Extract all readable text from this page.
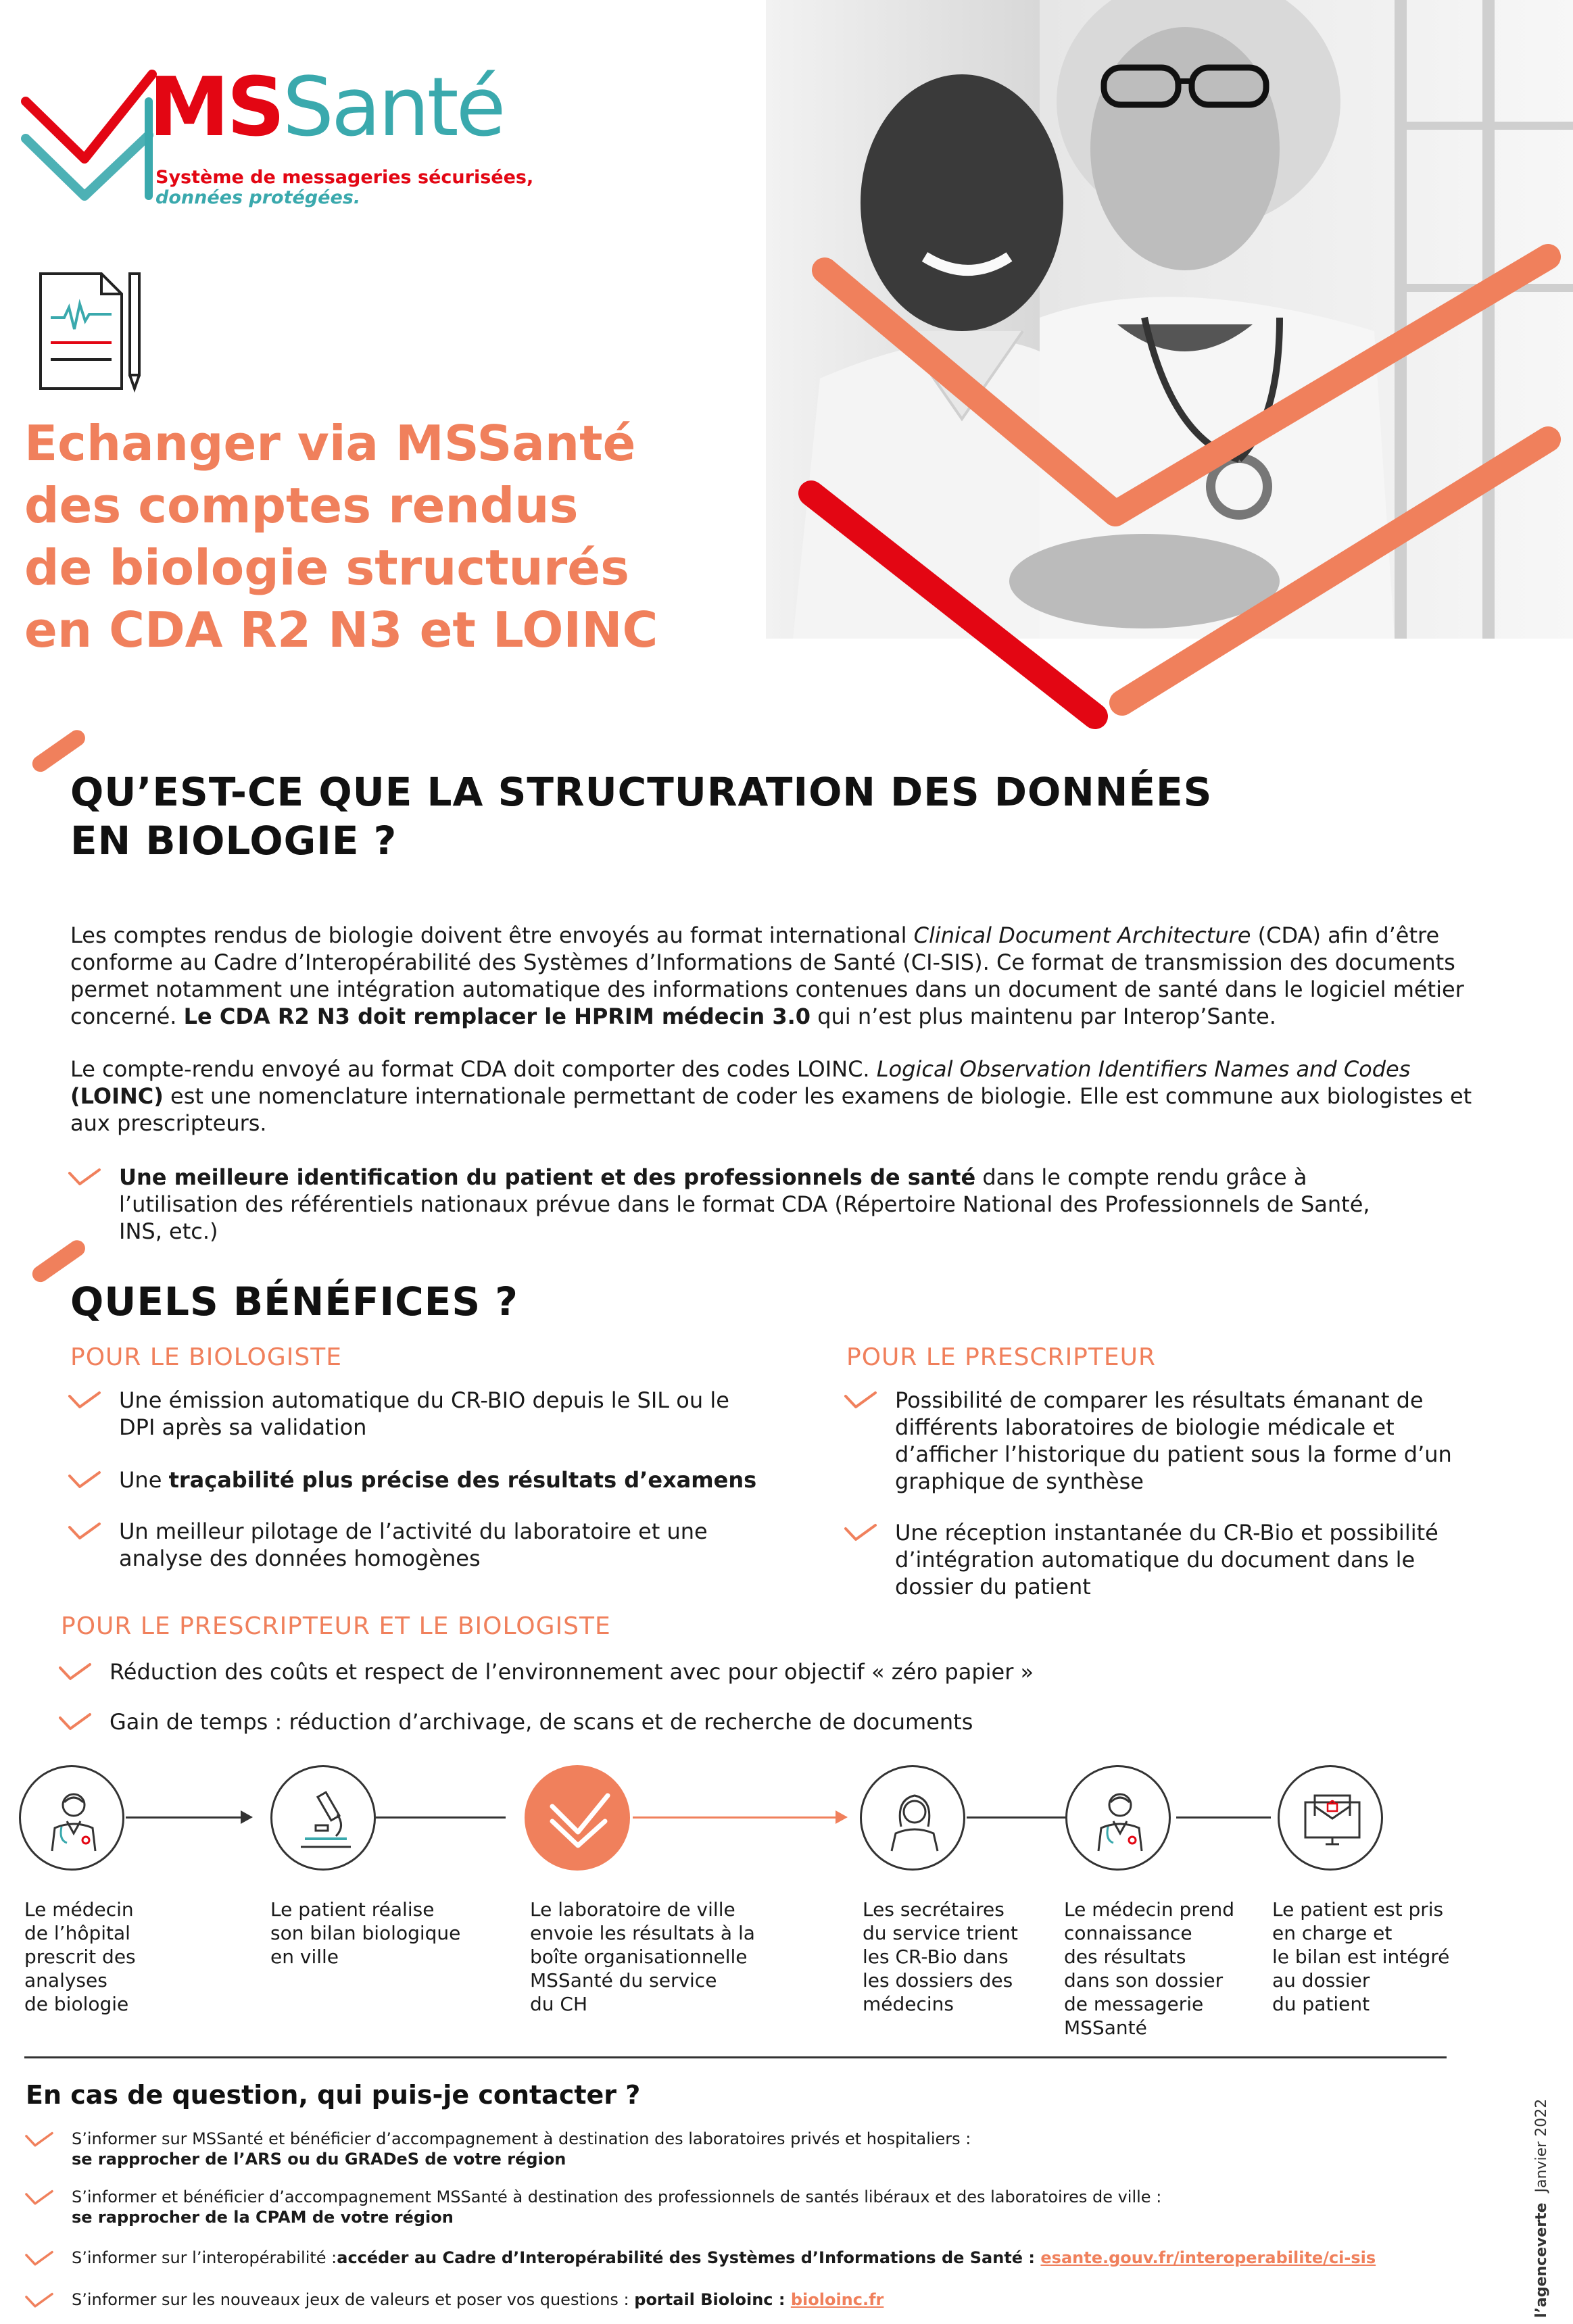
MSSanté
Système de messageries sécurisées,
données protégées.
Echanger via MSSanté
des comptes rendus
de biologie structurés
en CDA R2 N3 et LOINC
QU’EST-CE QUE LA STRUCTURATION DES DONNÉES
EN BIOLOGIE ?

Les comptes rendus de biologie doivent être envoyés au format international Clinical Document Architecture (CDA) afin d’être conforme au Cadre d’Interopérabilité des Systèmes d’Informations de Santé (CI-SIS). Ce format de transmission des documents permet notamment une intégration automatique des informations contenues dans un document de santé dans le logiciel métier concerné. Le CDA R2 N3 doit remplacer le HPRIM médecin 3.0 qui n’est plus maintenu par Interop’Sante.

Le compte-rendu envoyé au format CDA doit comporter des codes LOINC. Logical Observation Identifiers Names and Codes (LOINC) est une nomenclature internationale permettant de coder les examens de biologie. Elle est commune aux biologistes et aux prescripteurs.

Une meilleure identification du patient et des professionnels de santé dans le compte rendu grâce à l’utilisation des référentiels nationaux prévue dans le format CDA (Répertoire National des Professionnels de Santé, INS, etc.)
QUELS BÉNÉFICES ?
POUR LE BIOLOGISTE
Une émission automatique du CR-BIO depuis le SIL ou le DPI après sa validation
Une traçabilité plus précise des résultats d’examens
Un meilleur pilotage de l’activité du laboratoire et une analyse des données homogènes
POUR LE PRESCRIPTEUR
Possibilité de comparer les résultats émanant de différents laboratoires de biologie médicale et d’afficher l’historique du patient sous la forme d’un graphique de synthèse
Une réception instantanée du CR-Bio et possibilité d’intégration automatique du document dans le dossier du patient
POUR LE PRESCRIPTEUR ET LE BIOLOGISTE
Réduction des coûts et respect de l’environnement avec pour objectif « zéro papier »
Gain de temps : réduction d’archivage, de scans et de recherche de documents
Le médecin
de l’hôpital
prescrit des
analyses
de biologie
Le patient réalise
son bilan biologique
en ville
Le laboratoire de ville
envoie les résultats à la
boîte organisationnelle
MSSanté du service
du CH
Les secrétaires
du service trient
les CR-Bio dans
les dossiers des
médecins
Le médecin prend
connaissance
des résultats
dans son dossier
de messagerie
MSSanté
Le patient est pris
en charge et
le bilan est intégré
au dossier
du patient
En cas de question, qui puis-je contacter ?
S’informer sur MSSanté et bénéficier d’accompagnement à destination des laboratoires privés et hospitaliers :
se rapprocher de l’ARS ou du GRADeS de votre région
S’informer et bénéficier d’accompagnement MSSanté à destination des professionnels de santés libéraux et des laboratoires de ville :
se rapprocher de la CPAM de votre région
S’informer sur l’interopérabilité :accéder au Cadre d’Interopérabilité des Systèmes d’Informations de Santé : esante.gouv.fr/interoperabilite/ci-sis
S’informer sur les nouveaux jeux de valeurs et poser vos questions : portail Bioloinc : bioloinc.fr	l’agenceverte Janvier 2022
